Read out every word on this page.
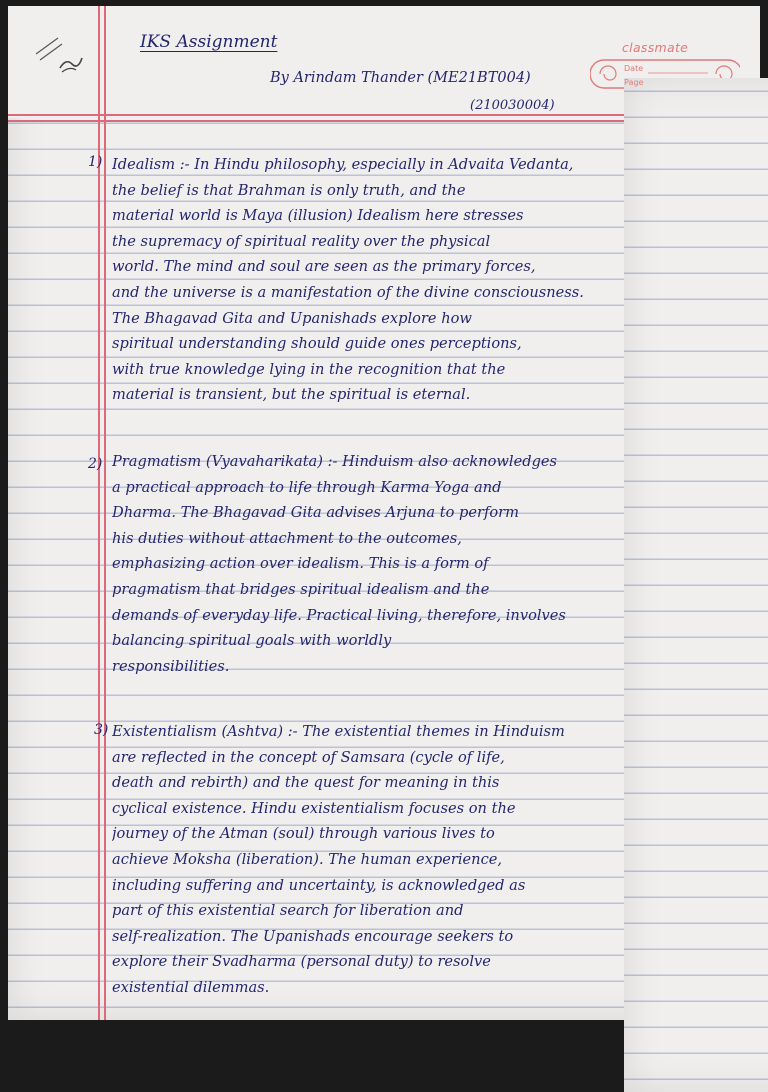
classmate
Date
Page
IKS Assignment
By Arindam Thander (ME21BT004)
(210030004)
1) Idealism :- In Hindu philosophy, especially in Advaita Vedanta,
the belief is that Brahman is only truth, and the
material world is Maya (illusion) Idealism here stresses
the supremacy of spiritual reality over the physical
world. The mind and soul are seen as the primary forces,
and the universe is a manifestation of the divine consciousness.
The Bhagavad Gita and Upanishads explore how
spiritual understanding should guide ones perceptions,
with true knowledge lying in the recognition that the
material is transient, but the spiritual is eternal.
2) Pragmatism (Vyavaharikata) :- Hinduism also acknowledges
a practical approach to life through Karma Yoga and
Dharma. The Bhagavad Gita advises Arjuna to perform
his duties without attachment to the outcomes,
emphasizing action over idealism. This is a form of
pragmatism that bridges spiritual idealism and the
demands of everyday life. Practical living, therefore, involves
balancing spiritual goals with worldly
responsibilities.
3) Existentialism (Ashtva) :- The existential themes in Hinduism
are reflected in the concept of Samsara (cycle of life,
death and rebirth) and the quest for meaning in this
cyclical existence. Hindu existentialism focuses on the
journey of the Atman (soul) through various lives to
achieve Moksha (liberation). The human experience,
including suffering and uncertainty, is acknowledged as
part of this existential search for liberation and
self-realization. The Upanishads encourage seekers to
explore their Svadharma (personal duty) to resolve
existential dilemmas.
